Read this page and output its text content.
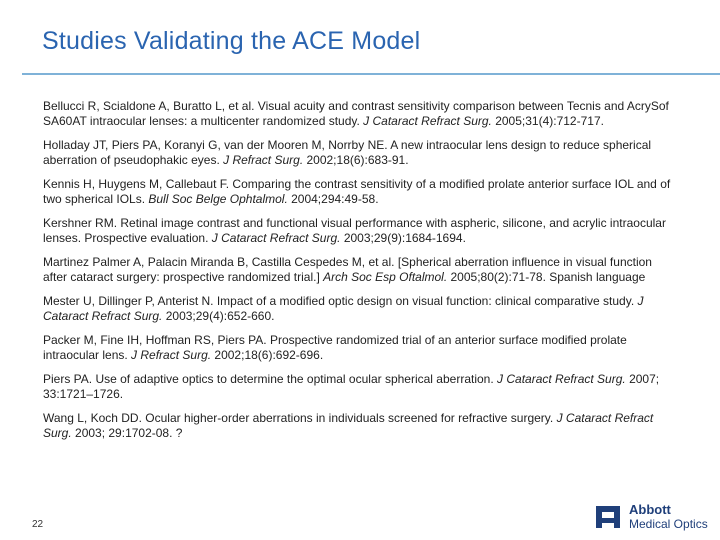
Studies Validating the ACE Model

Bellucci R, Scialdone A, Buratto L, et al. Visual acuity and contrast sensitivity comparison between Tecnis and AcrySof SA60AT intraocular lenses: a multicenter randomized study. J Cataract Refract Surg. 2005;31(4):712-717.

Holladay JT, Piers PA, Koranyi G, van der Mooren M, Norrby NE. A new intraocular lens design to reduce spherical aberration of pseudophakic eyes. J Refract Surg. 2002;18(6):683-91.

Kennis H, Huygens M, Callebaut F. Comparing the contrast sensitivity of a modified prolate anterior surface IOL and of two spherical IOLs. Bull Soc Belge Ophtalmol. 2004;294:49-58.

Kershner RM. Retinal image contrast and functional visual performance with aspheric, silicone, and acrylic intraocular lenses. Prospective evaluation. J Cataract Refract Surg. 2003;29(9):1684-1694.

Martinez Palmer A, Palacin Miranda B, Castilla Cespedes M, et al. [Spherical aberration influence in visual function after cataract surgery: prospective randomized trial.] Arch Soc Esp Oftalmol. 2005;80(2):71-78. Spanish language

Mester U, Dillinger P, Anterist N. Impact of a modified optic design on visual function: clinical comparative study. J Cataract Refract Surg. 2003;29(4):652-660.

Packer M, Fine IH, Hoffman RS, Piers PA. Prospective randomized trial of an anterior surface modified prolate intraocular lens. J Refract Surg. 2002;18(6):692-696.

Piers PA. Use of adaptive optics to determine the optimal ocular spherical aberration. J Cataract Refract Surg. 2007; 33:1721–1726.

Wang L, Koch DD. Ocular higher-order aberrations in individuals screened for refractive surgery. J Cataract Refract Surg. 2003; 29:1702-08. ?

22
Abbott
Medical Optics
